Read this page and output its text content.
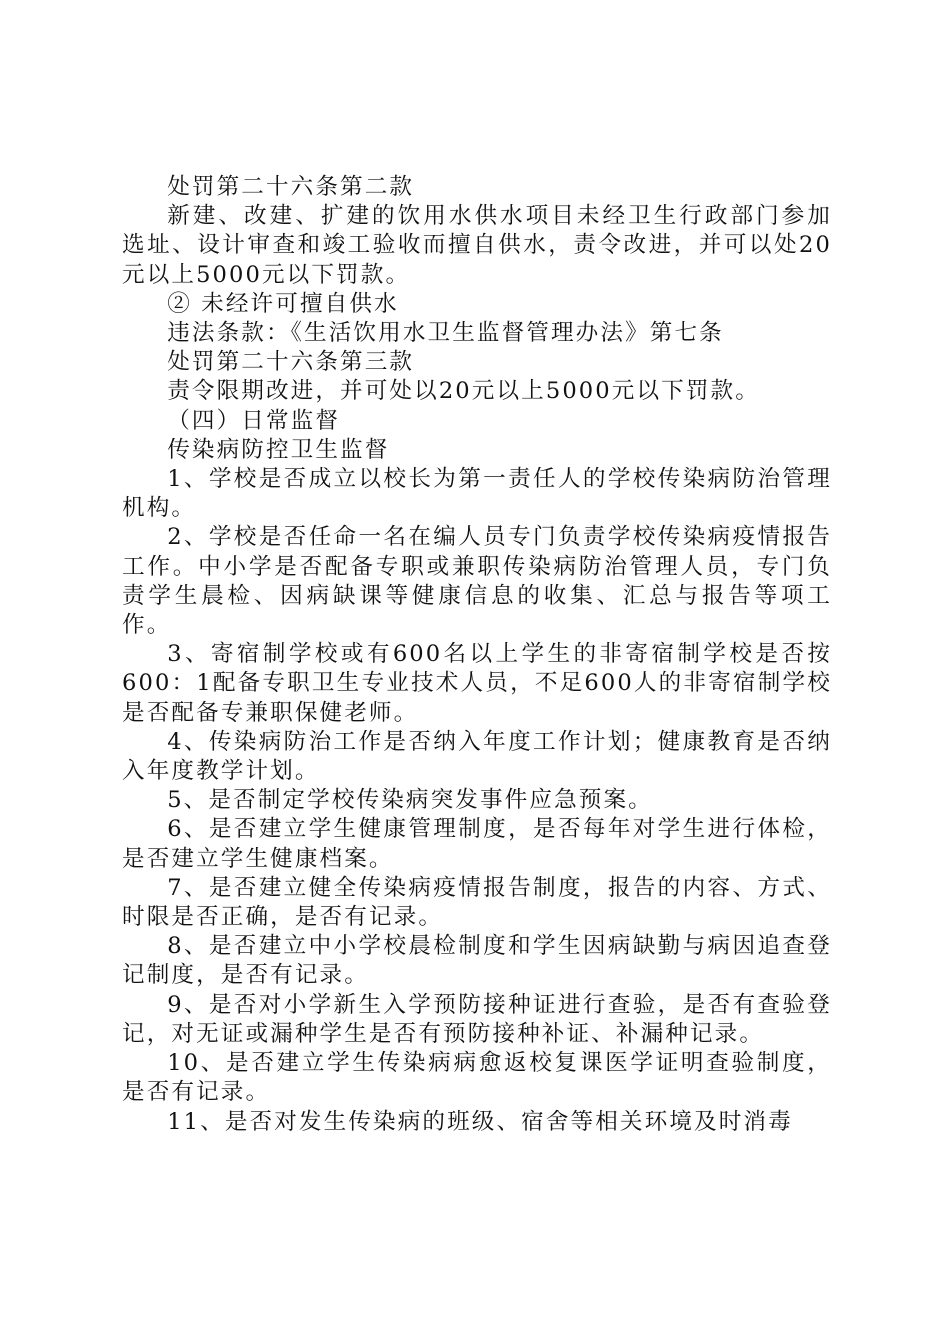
处罚第二十六条第二款

新建、改建、扩建的饮用水供水项目未经卫生行政部门参加选址、设计审查和竣工验收而擅自供水，责令改进，并可以处20元以上5000元以下罚款。

② 未经许可擅自供水

违法条款：《生活饮用水卫生监督管理办法》第七条

处罚第二十六条第三款

责令限期改进，并可处以20元以上5000元以下罚款。

（四）日常监督

传染病防控卫生监督

1、学校是否成立以校长为第一责任人的学校传染病防治管理机构。

2、学校是否任命一名在编人员专门负责学校传染病疫情报告工作。中小学是否配备专职或兼职传染病防治管理人员，专门负责学生晨检、因病缺课等健康信息的收集、汇总与报告等项工作。

3、寄宿制学校或有600名以上学生的非寄宿制学校是否按600：1配备专职卫生专业技术人员，不足600人的非寄宿制学校是否配备专兼职保健老师。

4、传染病防治工作是否纳入年度工作计划；健康教育是否纳入年度教学计划。

5、是否制定学校传染病突发事件应急预案。

6、是否建立学生健康管理制度，是否每年对学生进行体检，是否建立学生健康档案。

7、是否建立健全传染病疫情报告制度，报告的内容、方式、时限是否正确，是否有记录。

8、是否建立中小学校晨检制度和学生因病缺勤与病因追查登记制度，是否有记录。

9、是否对小学新生入学预防接种证进行查验，是否有查验登记，对无证或漏种学生是否有预防接种补证、补漏种记录。

10、是否建立学生传染病病愈返校复课医学证明查验制度，是否有记录。

11、是否对发生传染病的班级、宿舍等相关环境及时消毒
